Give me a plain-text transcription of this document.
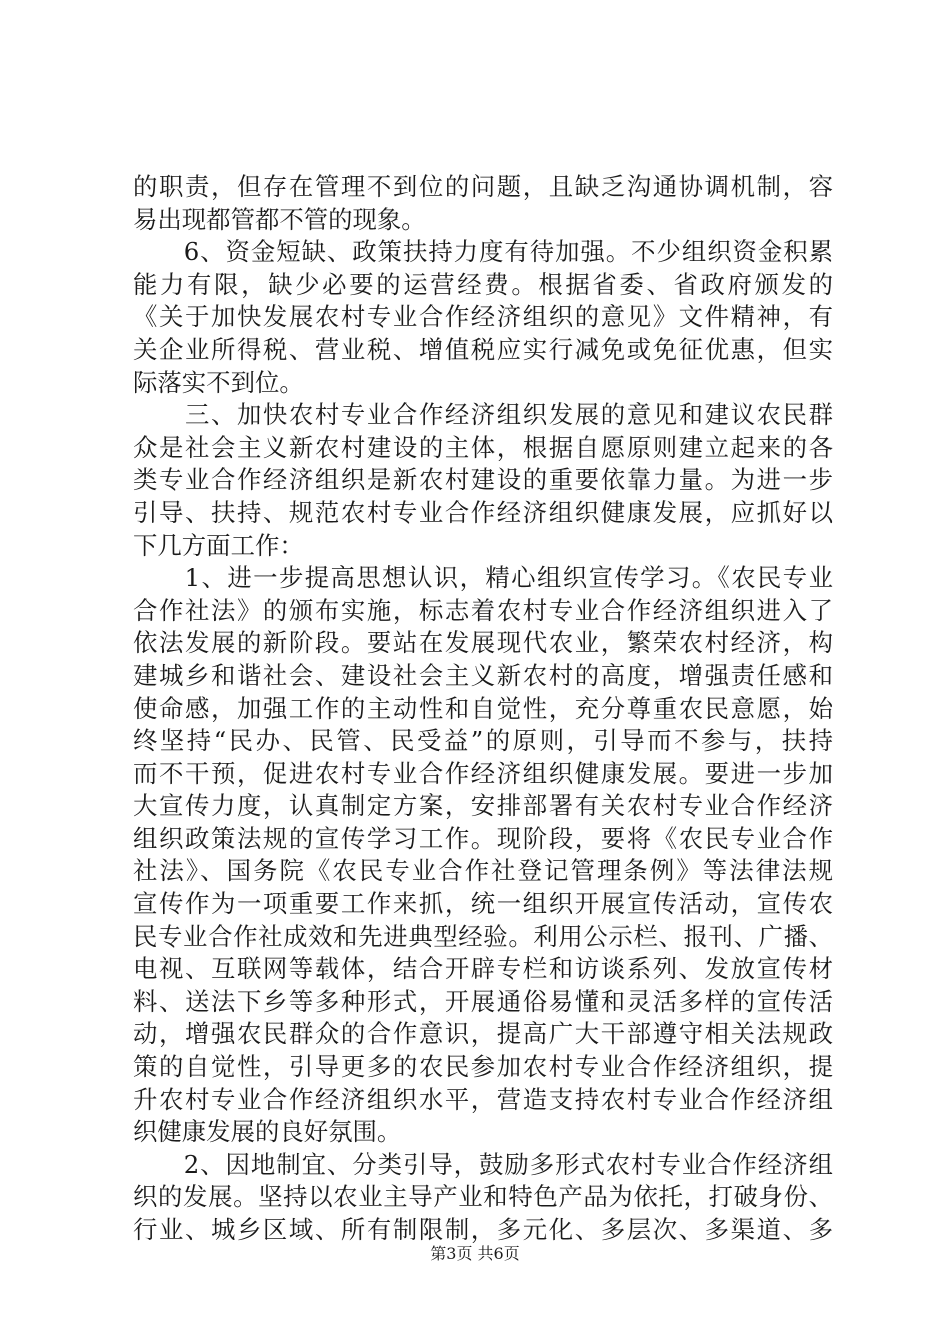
的职责，但存在管理不到位的问题，且缺乏沟通协调机制，容
易出现都管都不管的现象。
　　6、资金短缺、政策扶持力度有待加强。不少组织资金积累
能力有限，缺少必要的运营经费。根据省委、省政府颁发的
《关于加快发展农村专业合作经济组织的意见》文件精神，有
关企业所得税、营业税、增值税应实行减免或免征优惠，但实
际落实不到位。
　　三、加快农村专业合作经济组织发展的意见和建议农民群
众是社会主义新农村建设的主体，根据自愿原则建立起来的各
类专业合作经济组织是新农村建设的重要依靠力量。为进一步
引导、扶持、规范农村专业合作经济组织健康发展，应抓好以
下几方面工作：
　　1、进一步提高思想认识，精心组织宣传学习。《农民专业
合作社法》的颁布实施，标志着农村专业合作经济组织进入了
依法发展的新阶段。要站在发展现代农业，繁荣农村经济，构
建城乡和谐社会、建设社会主义新农村的高度，增强责任感和
使命感，加强工作的主动性和自觉性，充分尊重农民意愿，始
终坚持“民办、民管、民受益”的原则，引导而不参与，扶持
而不干预，促进农村专业合作经济组织健康发展。要进一步加
大宣传力度，认真制定方案，安排部署有关农村专业合作经济
组织政策法规的宣传学习工作。现阶段，要将《农民专业合作
社法》、国务院《农民专业合作社登记管理条例》等法律法规
宣传作为一项重要工作来抓，统一组织开展宣传活动，宣传农
民专业合作社成效和先进典型经验。利用公示栏、报刊、广播、
电视、互联网等载体，结合开辟专栏和访谈系列、发放宣传材
料、送法下乡等多种形式，开展通俗易懂和灵活多样的宣传活
动，增强农民群众的合作意识，提高广大干部遵守相关法规政
策的自觉性，引导更多的农民参加农村专业合作经济组织，提
升农村专业合作经济组织水平，营造支持农村专业合作经济组
织健康发展的良好氛围。
　　2、因地制宜、分类引导，鼓励多形式农村专业合作经济组
织的发展。坚持以农业主导产业和特色产品为依托，打破身份、
行业、城乡区域、所有制限制，多元化、多层次、多渠道、多
第3页 共6页
